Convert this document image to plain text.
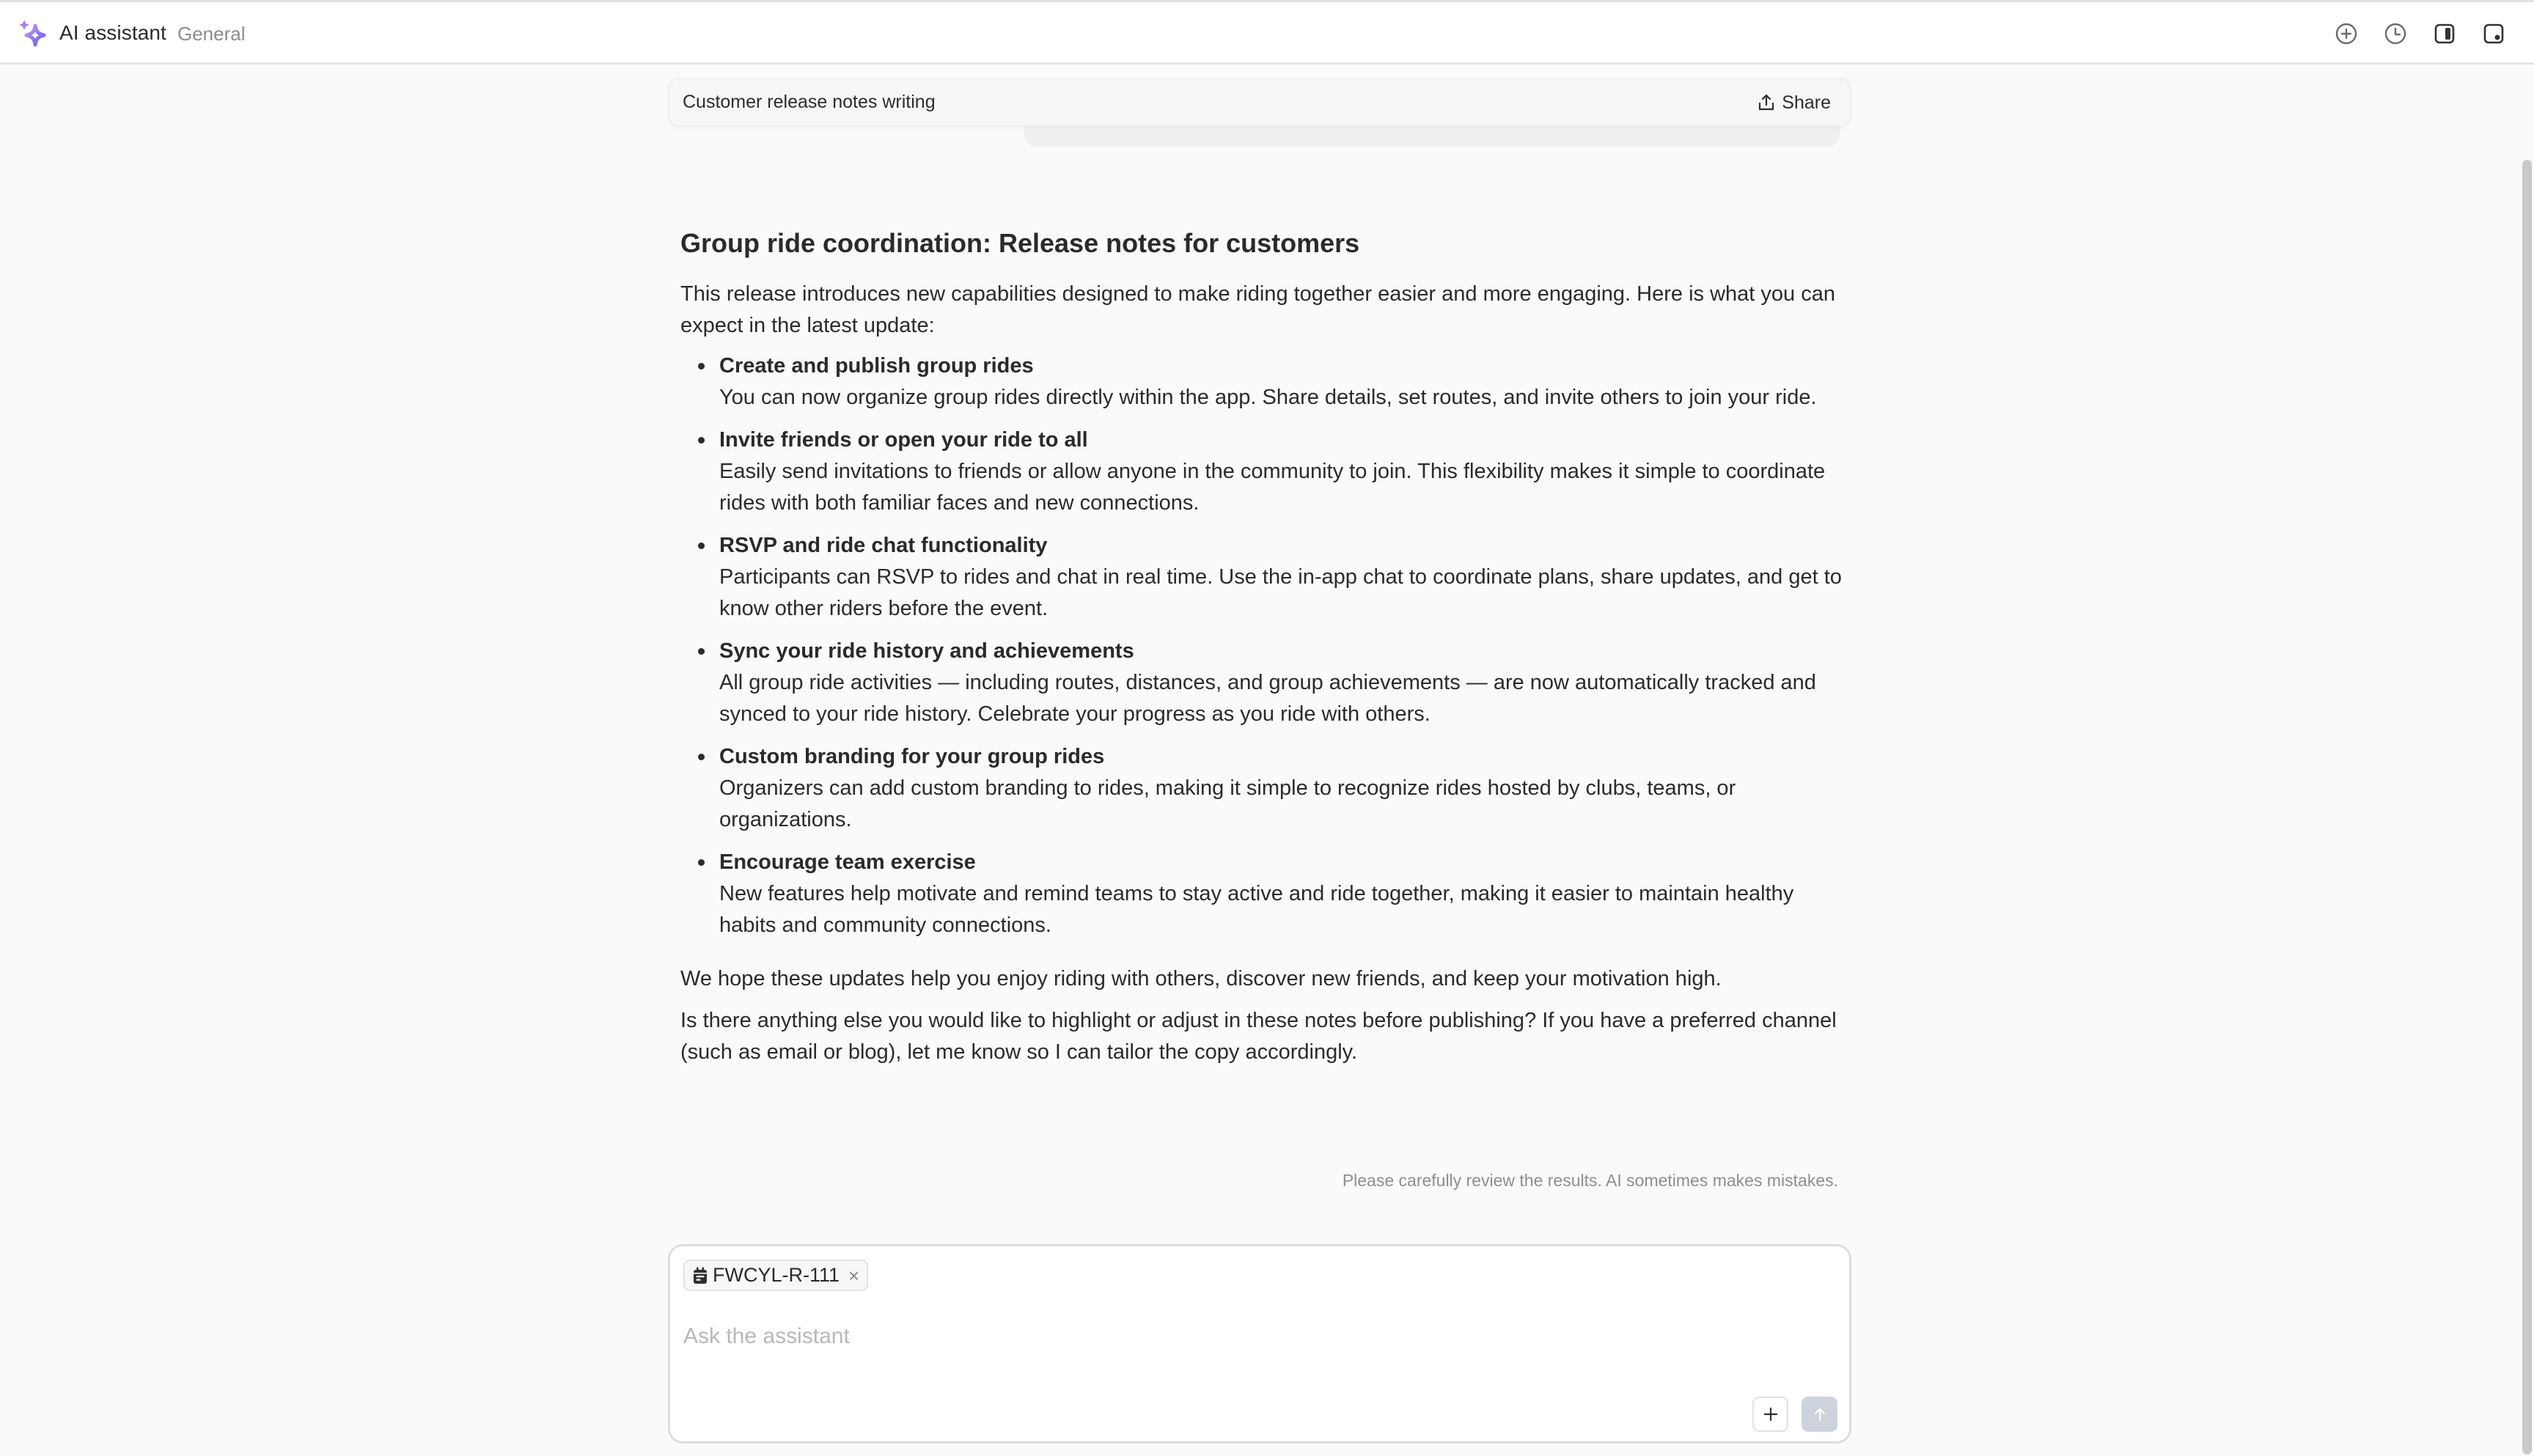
AI assistant General
Customer release notes writing	Share
Group ride coordination: Release notes for customers

This release introduces new capabilities designed to make riding together easier and more engaging. Here is what you can expect in the latest update:

Create and publish group rides
You can now organize group rides directly within the app. Share details, set routes, and invite others to join your ride.
Invite friends or open your ride to all
Easily send invitations to friends or allow anyone in the community to join. This flexibility makes it simple to coordinate rides with both familiar faces and new connections.
RSVP and ride chat functionality
Participants can RSVP to rides and chat in real time. Use the in-app chat to coordinate plans, share updates, and get to know other riders before the event.
Sync your ride history and achievements
All group ride activities — including routes, distances, and group achievements — are now automatically tracked and synced to your ride history. Celebrate your progress as you ride with others.
Custom branding for your group rides
Organizers can add custom branding to rides, making it simple to recognize rides hosted by clubs, teams, or organizations.
Encourage team exercise
New features help motivate and remind teams to stay active and ride together, making it easier to maintain healthy habits and community connections.

We hope these updates help you enjoy riding with others, discover new friends, and keep your motivation high.

Is there anything else you would like to highlight or adjust in these notes before publishing? If you have a preferred channel (such as email or blog), let me know so I can tailor the copy accordingly.

Please carefully review the results. AI sometimes makes mistakes.
FWCYL-R-111 ×
Ask the assistant
